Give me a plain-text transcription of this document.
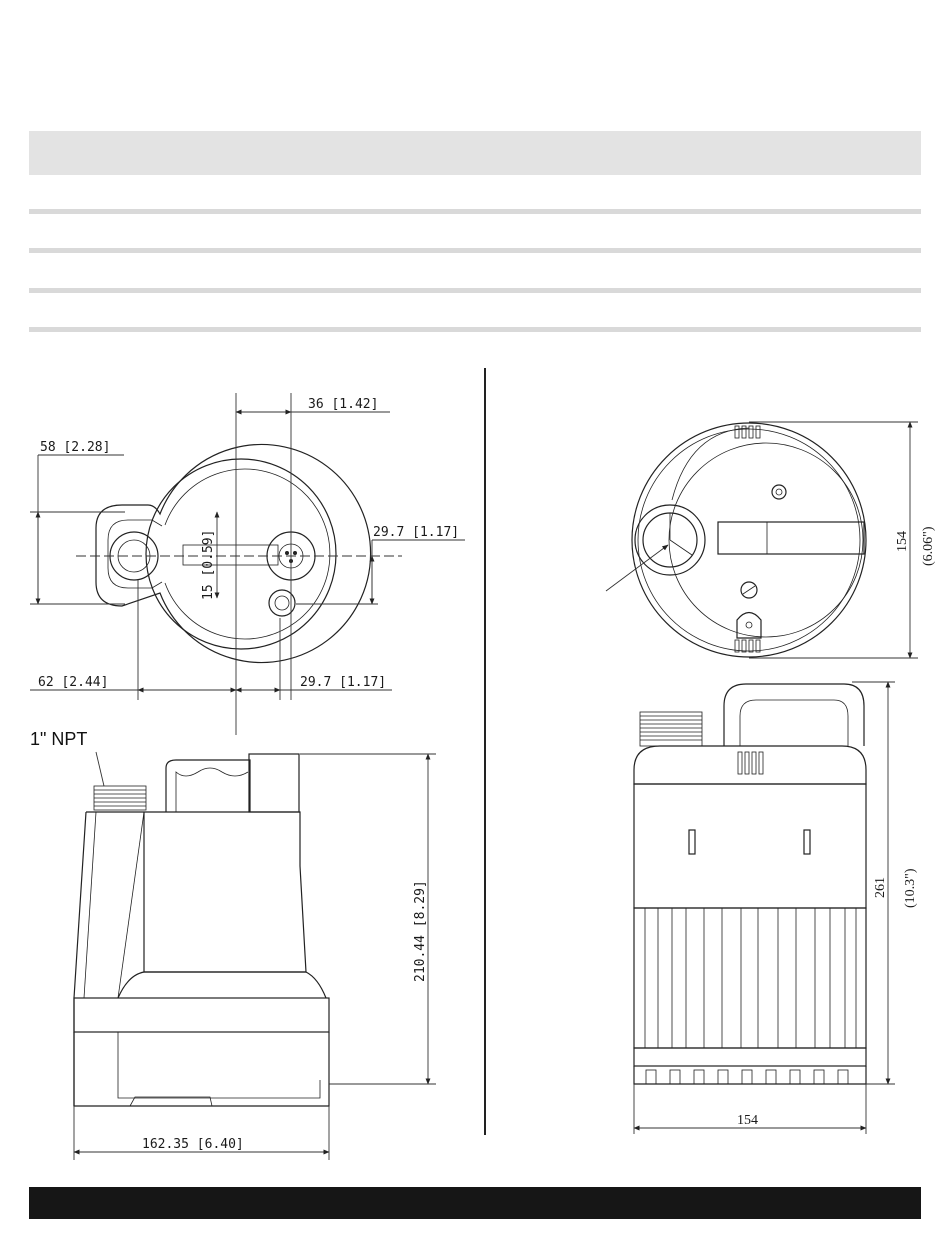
36 [1.42]
58 [2.28]
15 [0.59]	29.7 [1.17]
62 [2.44]	29.7 [1.17]
1" NPT
210.44 [8.29]
162.35 [6.40]
154 (6.06")
261 (10.3")
154
